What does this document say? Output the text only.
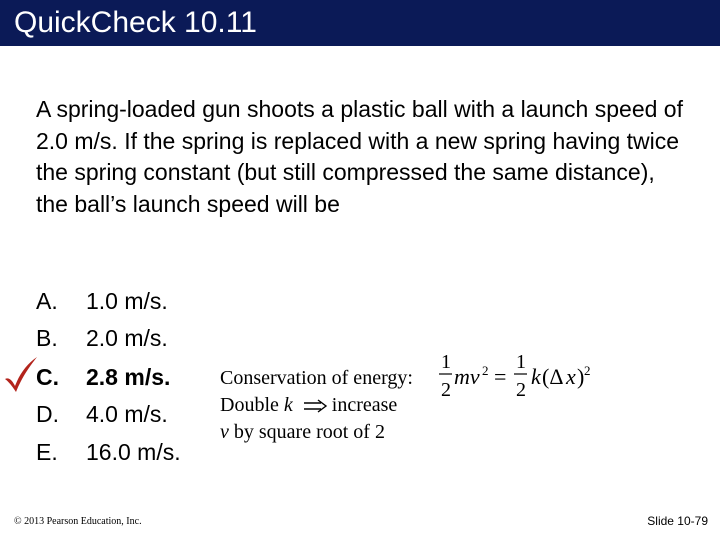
QuickCheck 10.11

A spring-loaded gun shoots a plastic ball with a launch speed of 2.0 m/s. If the spring is replaced with a new spring having twice the spring constant (but still compressed the same distance), the ball’s launch speed will be

A. 1.0 m/s.
B. 2.0 m/s.
C. 2.8 m/s.
D. 4.0 m/s.
E. 16.0 m/s.
Conservation of energy:
1
2
mv 2 =
1
2
k (Δ x ) 2
Double k increase
v by square root of 2
© 2013 Pearson Education, Inc.	Slide 10-79
